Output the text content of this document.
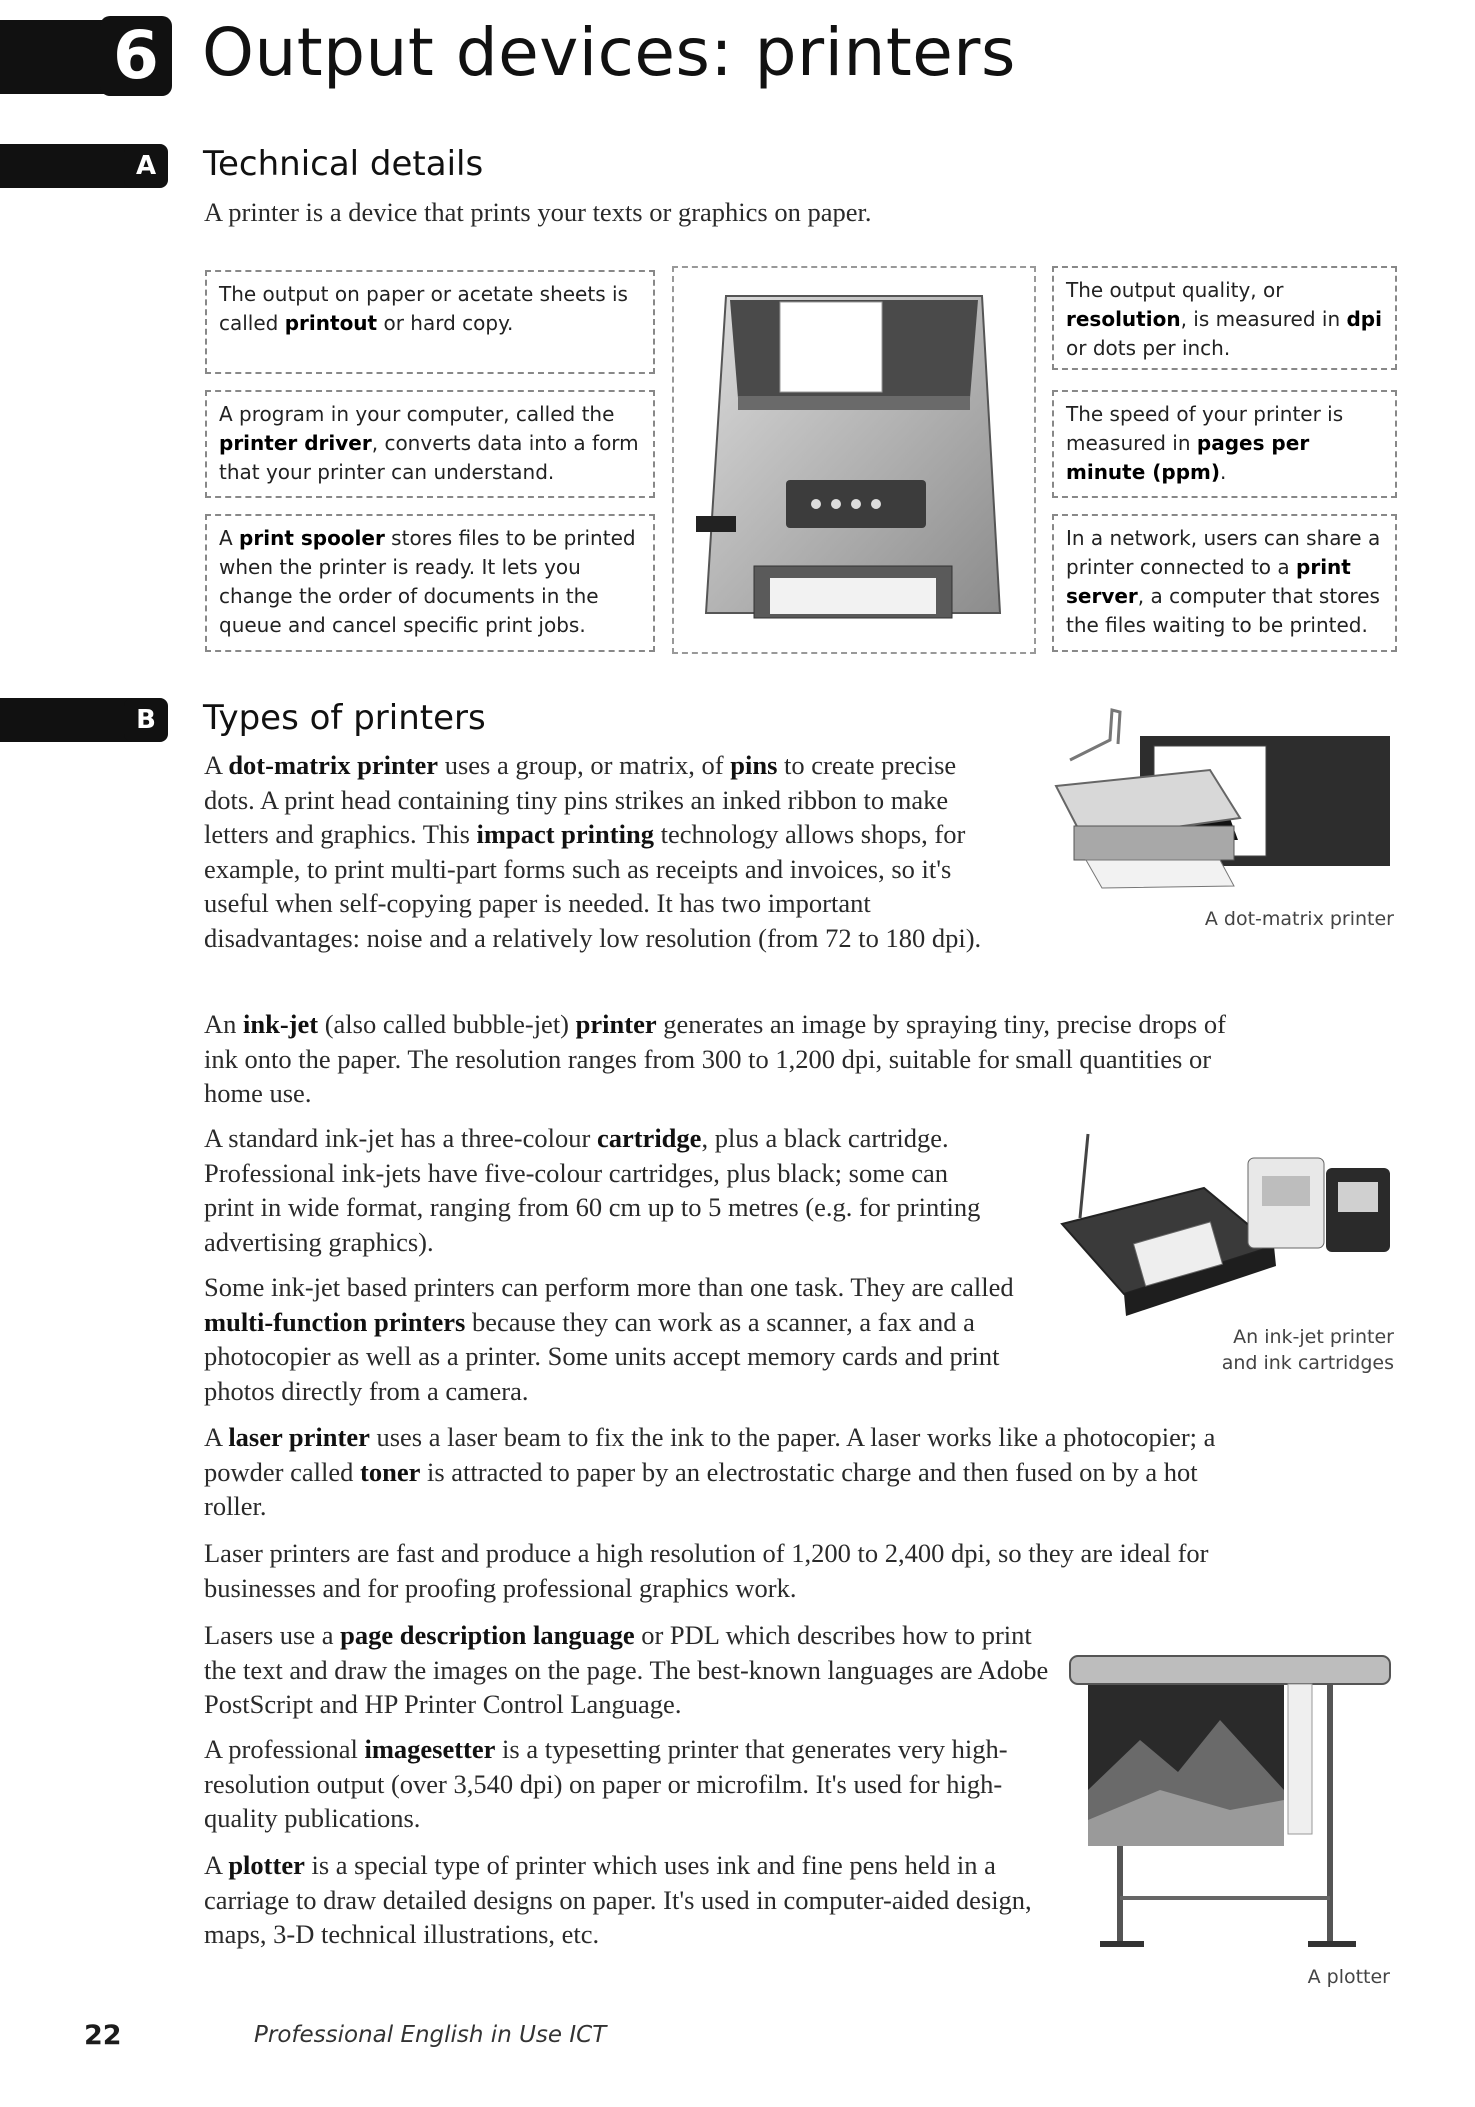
6 Output devices: printers
A	Technical details
A printer is a device that prints your texts or graphics on paper.
The output on paper or acetate sheets is called printout or hard copy.
A program in your computer, called the printer driver, converts data into a form that your printer can understand.
A print spooler stores files to be printed when the printer is ready. It lets you change the order of documents in the queue and cancel specific print jobs.
The output quality, or resolution, is measured in dpi or dots per inch.
The speed of your printer is measured in pages per minute (ppm).
In a network, users can share a printer connected to a print server, a computer that stores the files waiting to be printed.
B	Types of printers
A dot-matrix printer uses a group, or matrix, of pins to create precise dots. A print head containing tiny pins strikes an inked ribbon to make letters and graphics. This impact printing technology allows shops, for example, to print multi-part forms such as receipts and invoices, so it's useful when self-copying paper is needed. It has two important disadvantages: noise and a relatively low resolution (from 72 to 180 dpi).
A dot-matrix printer
An ink-jet (also called bubble-jet) printer generates an image by spraying tiny, precise drops of ink onto the paper. The resolution ranges from 300 to 1,200 dpi, suitable for small quantities or home use.
A standard ink-jet has a three-colour cartridge, plus a black cartridge. Professional ink-jets have five-colour cartridges, plus black; some can print in wide format, ranging from 60 cm up to 5 metres (e.g. for printing advertising graphics).
An ink-jet printer
and ink cartridges
Some ink-jet based printers can perform more than one task. They are called multi-function printers because they can work as a scanner, a fax and a photocopier as well as a printer. Some units accept memory cards and print photos directly from a camera.
A laser printer uses a laser beam to fix the ink to the paper. A laser works like a photocopier; a powder called toner is attracted to paper by an electrostatic charge and then fused on by a hot roller.
Laser printers are fast and produce a high resolution of 1,200 to 2,400 dpi, so they are ideal for businesses and for proofing professional graphics work.
Lasers use a page description language or PDL which describes how to print the text and draw the images on the page. The best-known languages are Adobe PostScript and HP Printer Control Language.
A professional imagesetter is a typesetting printer that generates very high-resolution output (over 3,540 dpi) on paper or microfilm. It's used for high-quality publications.
A plotter is a special type of printer which uses ink and fine pens held in a carriage to draw detailed designs on paper. It's used in computer-aided design, maps, 3-D technical illustrations, etc.
A plotter
22	Professional English in Use ICT
